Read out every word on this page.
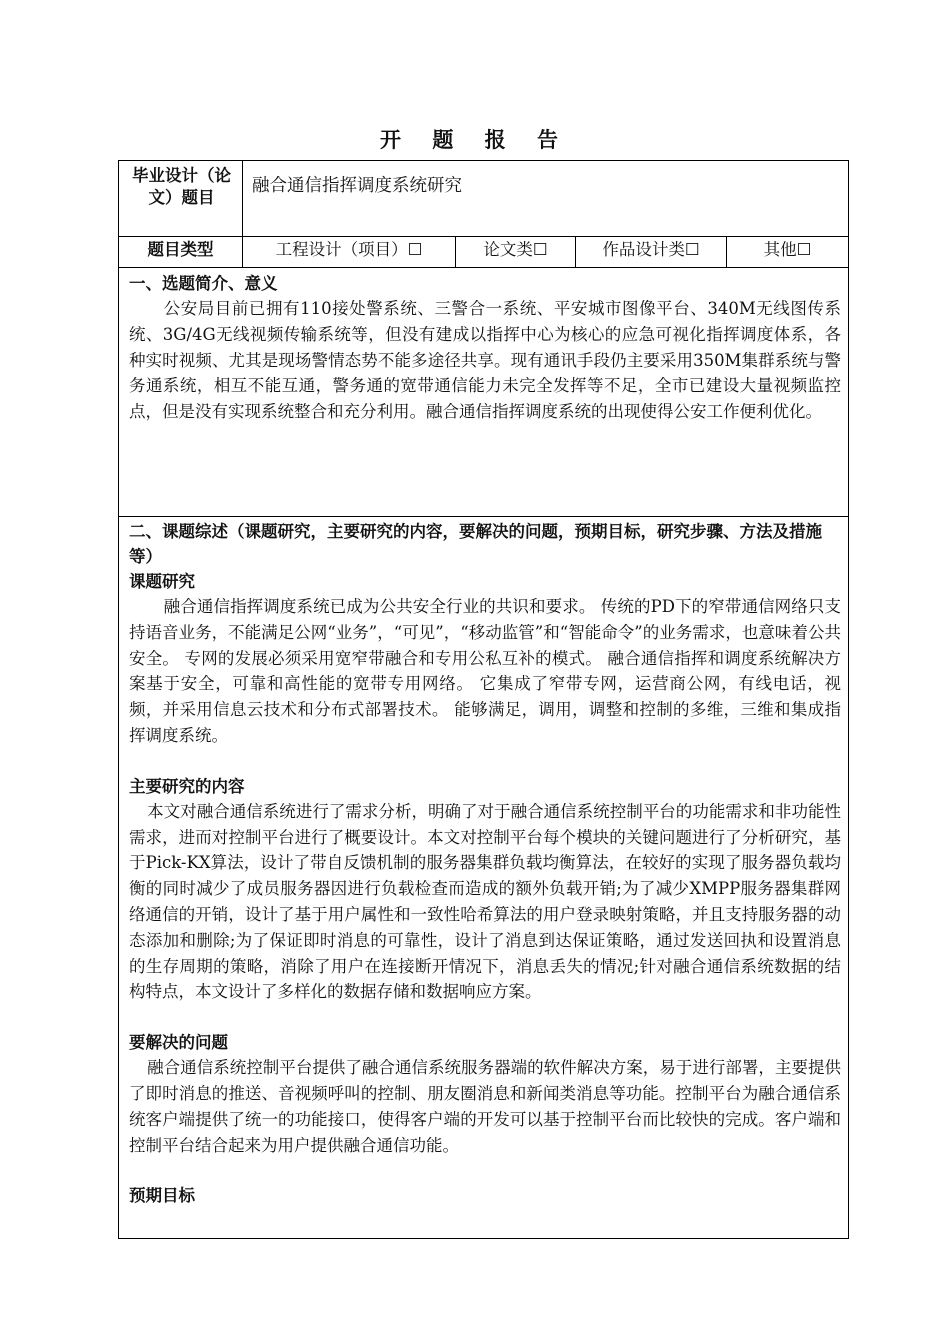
开 题 报 告
毕业设计（论文）题目
融合通信指挥调度系统研究
题目类型	工程设计（项目）☐	论文类☐	作品设计类☐	其他☐
一、选题简介、意义

公安局目前已拥有110接处警系统、三警合一系统、平安城市图像平台、340M无线图传系统、3G/4G无线视频传输系统等，但没有建成以指挥中心为核心的应急可视化指挥调度体系，各种实时视频、尤其是现场警情态势不能多途径共享。现有通讯手段仍主要采用350M集群系统与警务通系统，相互不能互通，警务通的宽带通信能力未完全发挥等不足，全市已建设大量视频监控点，但是没有实现系统整合和充分利用。融合通信指挥调度系统的出现使得公安工作便利优化。

二、课题综述（课题研究，主要研究的内容，要解决的问题，预期目标，研究步骤、方法及措施等）
课题研究

融合通信指挥调度系统已成为公共安全行业的共识和要求。 传统的PD下的窄带通信网络只支持语音业务，不能满足公网“业务”，“可见”，“移动监管”和“智能命令”的业务需求，也意味着公共安全。 专网的发展必须采用宽窄带融合和专用公私互补的模式。 融合通信指挥和调度系统解决方案基于安全，可靠和高性能的宽带专用网络。 它集成了窄带专网，运营商公网，有线电话，视频，并采用信息云技术和分布式部署技术。 能够满足，调用，调整和控制的多维，三维和集成指挥调度系统。

主要研究的内容

本文对融合通信系统进行了需求分析，明确了对于融合通信系统控制平台的功能需求和非功能性需求，进而对控制平台进行了概要设计。本文对控制平台每个模块的关键问题进行了分析研究，基于Pick-KX算法，设计了带自反馈机制的服务器集群负载均衡算法，在较好的实现了服务器负载均衡的同时减少了成员服务器因进行负载检查而造成的额外负载开销;为了减少XMPP服务器集群网络通信的开销，设计了基于用户属性和一致性哈希算法的用户登录映射策略，并且支持服务器的动态添加和删除;为了保证即时消息的可靠性，设计了消息到达保证策略，通过发送回执和设置消息的生存周期的策略，消除了用户在连接断开情况下，消息丢失的情况;针对融合通信系统数据的结构特点，本文设计了多样化的数据存储和数据响应方案。

要解决的问题

融合通信系统控制平台提供了融合通信系统服务器端的软件解决方案，易于进行部署，主要提供了即时消息的推送、音视频呼叫的控制、朋友圈消息和新闻类消息等功能。控制平台为融合通信系统客户端提供了统一的功能接口，使得客户端的开发可以基于控制平台而比较快的完成。客户端和控制平台结合起来为用户提供融合通信功能。

预期目标
